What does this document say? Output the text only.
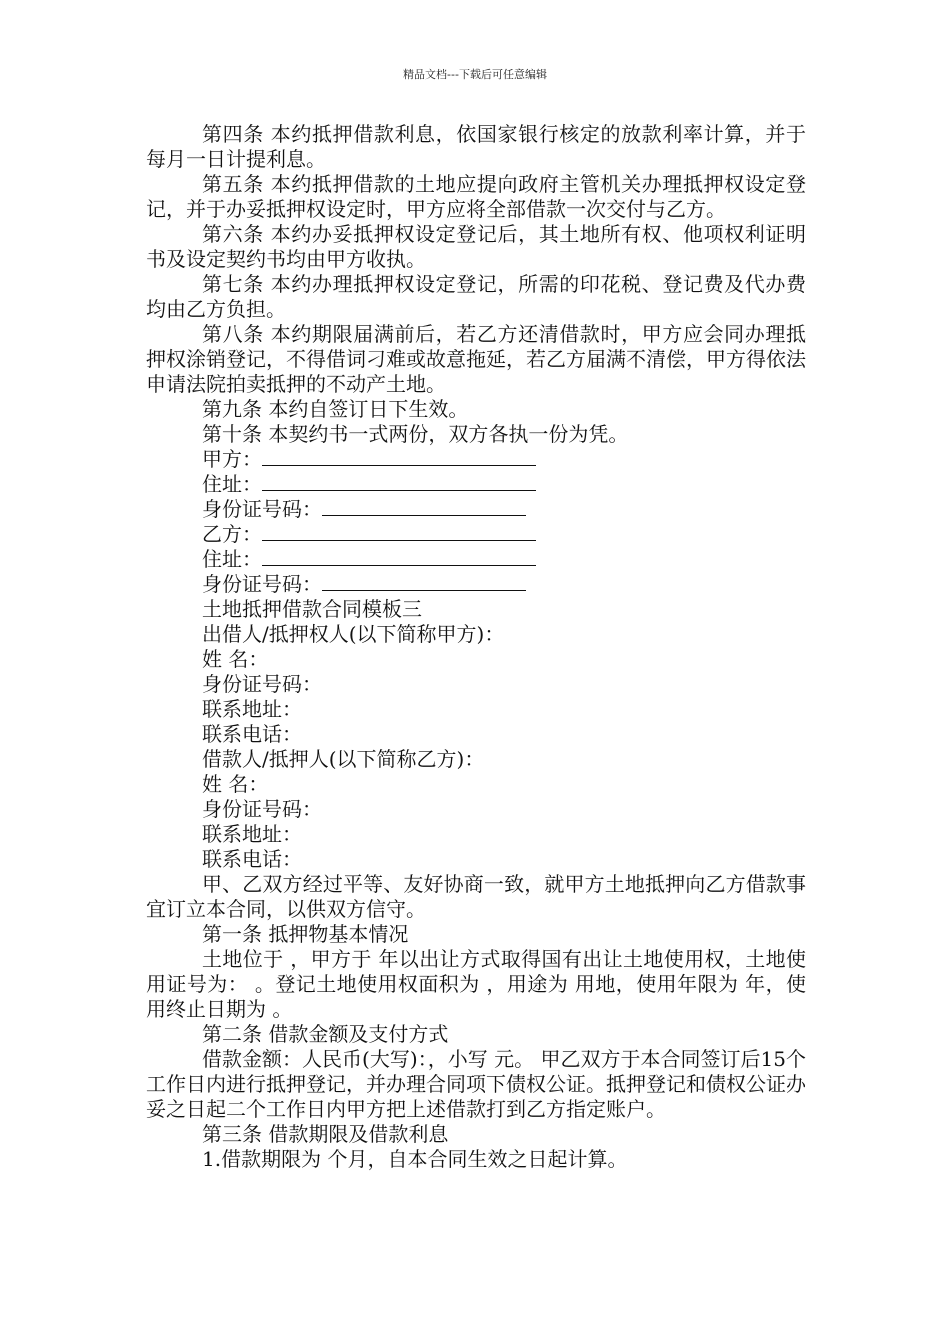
精品文档---下载后可任意编辑

第四条 本约抵押借款利息，依国家银行核定的放款利率计算，并于每月一日计提利息。

第五条 本约抵押借款的土地应提向政府主管机关办理抵押权设定登记，并于办妥抵押权设定时，甲方应将全部借款一次交付与乙方。

第六条 本约办妥抵押权设定登记后，其土地所有权、他项权利证明书及设定契约书均由甲方收执。

第七条 本约办理抵押权设定登记，所需的印花税、登记费及代办费均由乙方负担。

第八条 本约期限届满前后，若乙方还清借款时，甲方应会同办理抵押权涂销登记，不得借词刁难或故意拖延，若乙方届满不清偿，甲方得依法申请法院拍卖抵押的不动产土地。

第九条 本约自签订日下生效。

第十条 本契约书一式两份，双方各执一份为凭。

甲方：
住址：
身份证号码：
乙方：
住址：
身份证号码：
土地抵押借款合同模板三
出借人/抵押权人(以下简称甲方)：
姓 名：
身份证号码：
联系地址：
联系电话：
借款人/抵押人(以下简称乙方)：
姓 名：
身份证号码：
联系地址：
联系电话：

甲、乙双方经过平等、友好协商一致，就甲方土地抵押向乙方借款事宜订立本合同，以供双方信守。

第一条 抵押物基本情况

土地位于 ，甲方于 年以出让方式取得国有出让土地使用权，土地使用证号为： 。登记土地使用权面积为 ，用途为 用地，使用年限为 年，使用终止日期为 。

第二条 借款金额及支付方式

借款金额：人民币(大写)：，小写 元。 甲乙双方于本合同签订后15个工作日内进行抵押登记，并办理合同项下债权公证。抵押登记和债权公证办妥之日起二个工作日内甲方把上述借款打到乙方指定账户。

第三条 借款期限及借款利息
1.借款期限为 个月，自本合同生效之日起计算。
